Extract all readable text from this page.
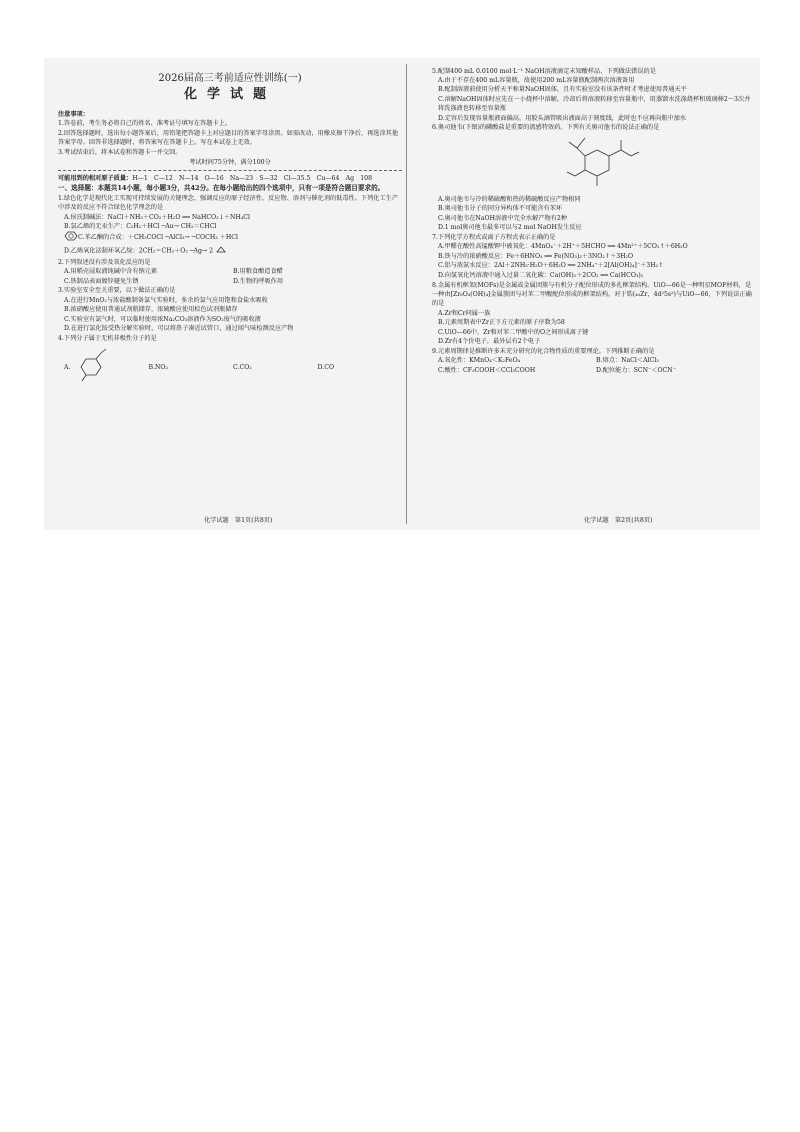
2026届高三考前适应性训练(一)
化学试题

注意事项：

1.答卷前，考生务必将自己的姓名、准考证号填写在答题卡上。

2.回答选择题时，选出每小题答案后，用铅笔把答题卡上对应题目的答案字母涂黑。如需改动，用橡皮擦干净后，再选涂其他答案字母。回答非选择题时，将答案写在答题卡上，写在本试卷上无效。

3.考试结束后，将本试卷和答题卡一并交回。

考试时间75分钟，满分100分

可能用到的相对原子质量：H—1　C—12　N—14　O—16　Na—23　S—32　Cl—35.5　Cu—64　Ag　108

一、选择题：本题共14小题，每小题3分，共42分。在每小题给出的四个选项中，只有一项是符合题目要求的。

1.绿色化学是现代化工实现可持续发展的关键理念，强调反应的原子经济性、反应物、溶剂与催化剂的低毒性。下列化工生产中涉及的反应不符合绿色化学理念的是

A.侯氏制碱法：NaCl＋NH₃＋CO₂＋H₂O ══ NaHCO₃↓＋NH₄Cl

B.氯乙烯的无汞生产：C₂H₂＋HCl ─Au→ CH₂＝CHCl

C.苯乙酮的合成：＋CH₃COCl ─AlCl₃→ ─COCH₃ ＋HCl

D.乙烯氧化法制环氧乙烷：2CH₂＝CH₂＋O₂ ─Ag→ 2

2.下列叙述没有涉及氧化反应的是

A.用稻壳浸取液纯碱中含有钠元素	B.用粮食酿造食醋
C.铁制品表面镀锌避免生锈	D.生物的呼吸作用

3.实验室安全至关重要，以下做法正确的是

A.在进行MnO₂与浓盐酸制备氯气实验时，多余的氯气应用饱和食盐水吸收

B.浓硝酸应使用普通试剂瓶储存，浓硫酸应使用棕色试剂瓶储存

C.实验室有氯气时，可以临时使用浓Na₂CO₃溶液作为SO₂废气的吸收液

D.在进行氯化铵受热分解实验时，可以将鼻子凑近试管口，通过闻气味检测反应产物

4.下列分子属于无机非极性分子的是

A.	B.NO₂	C.CO₂	D.CO

5.配制400 mL 0.0100 mol·L⁻¹ NaOH溶液滴定未知酸样品，下列做法错误的是

A.由于不存在400 mL容量瓶，故使用200 mL容量瓶配制两次溶液备用

B.配制溶液前使用分析天平称量NaOH固体，且有实验室没有该条件时才考虑使用普通天平

C.溶解NaOH固体时应先在一小烧杯中溶解，冷却后将溶液转移至容量瓶中，用蒸馏水洗涤烧杯和玻璃棒2～3次并将洗涤液也转移至容量瓶

D.定容后发现容量瓶液面偏高，用胶头滴管吸出液面高于刻度线，此时也不应再向瓶中加水

6.奥司他韦(下图)的磷酸盐是重要的流感特效药。下列有关奥司他韦的说法正确的是

A.奥司他韦与冷的稀硫酸和热的稀硫酸反应产物相同

B.奥司他韦分子的同分异构体不可能含有苯环

C.奥司他韦在NaOH溶液中完全水解产物有2种

D.1 mol奥司他韦最多可以与2 mol NaOH发生反应

7.下列化学方程式或离子方程式表示正确的是

A.甲醛在酸性高锰酸钾中被氧化：4MnO₄⁻＋2H⁺＋5HCHO ══ 4Mn²⁺＋5CO₂↑＋6H₂O

B.铁与冷的浓硝酸反应：Fe＋6HNO₃ ══ Fe(NO₃)₃＋3NO₂↑＋3H₂O

C.铝与浓氨水反应：2Al＋2NH₃·H₂O＋6H₂O ══ 2NH₄⁺＋2[Al(OH)₄]⁻＋3H₂↑

D.向氢氧化钙溶液中通入过量二氧化碳：Ca(OH)₂＋2CO₂ ══ Ca(HCO₃)₂

8.金属有机框架(MOFs)是金属或金属团簇与有机分子配位形成的多孔框架结构。UiO—66是一种明星MOF材料，是一种由[Zr₆O₄(OH)₄]金属簇团与对苯二甲酸配位形成的框架结构。对于锆(₄₀Zr，4d²5s²)与UiO—66，下列说法正确的是

A.Zr和Cr同属一族

B.元素周期表中Zr正下方元素的原子序数为58

C.UiO—66中，Zr和对苯二甲酸中的O之间形成离子键

D.Zr有4个价电子，最外层有2个电子

9.元素周期律是推断许多未充分研究的化合物性质的重要理论。下列推断正确的是

A.氧化性：KMnO₄＜K₂FeO₄	B.熔点：NaCl＜AlCl₃
C.酸性：CF₃COOH＜CCl₃COOH	D.配位能力：SCN⁻＜OCN⁻
化学试题　第1页(共8页)	化学试题　第2页(共8页)
